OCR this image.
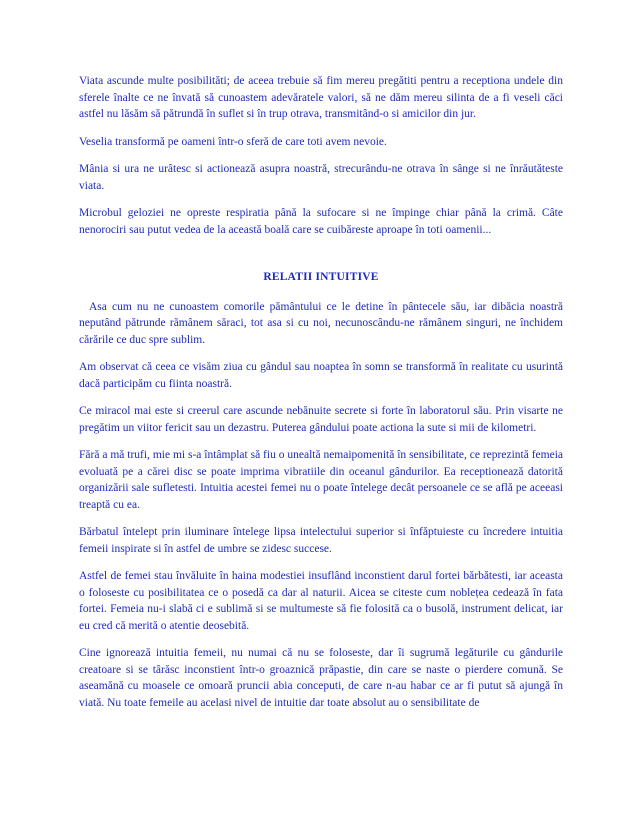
Viata ascunde multe posibilităti; de aceea trebuie să fim mereu pregătiti pentru a receptiona undele din sferele înalte ce ne învată să cunoastem adevăratele valori, să ne dăm mereu silinta de a fi veseli căci astfel nu lăsăm să pătrundă în suflet si în trup otrava, transmitând-o si amicilor din jur.

Veselia transformă pe oameni într-o sferă de care toti avem nevoie.

Mânia si ura ne urâtesc si actionează asupra noastră, strecurându-ne otrava în sânge si ne înrăutăteste viata.

Microbul geloziei ne opreste respiratia până la sufocare si ne împinge chiar până la crimă. Câte nenorociri sau putut vedea de la această boală care se cuibăreste aproape în toti oamenii...

RELATII INTUITIVE

Asa cum nu ne cunoastem comorile pământului ce le detine în pântecele său, iar dibăcia noastră neputând pătrunde rămânem săraci, tot asa si cu noi, necunoscându-ne rămânem singuri, ne închidem cărările ce duc spre sublim.

Am observat că ceea ce visăm ziua cu gândul sau noaptea în somn se transformă în realitate cu usurintă dacă participăm cu fiinta noastră.

Ce miracol mai este si creerul care ascunde nebănuite secrete si forte în laboratorul său. Prin visarte ne pregătim un viitor fericit sau un dezastru. Puterea gândului poate actiona la sute si mii de kilometri.

Fără a mă trufi, mie mi s-a întâmplat să fiu o unealtă nemaipomenită în sensibilitate, ce reprezintă femeia evoluată pe a cărei disc se poate imprima vibratiile din oceanul gândurilor. Ea receptionează datorită organizării sale sufletesti. Intuitia acestei femei nu o poate întelege decât persoanele ce se află pe aceeasi treaptă cu ea.

Bărbatul întelept prin iluminare întelege lipsa intelectului superior si înfăptuieste cu încredere intuitia femeii inspirate si în astfel de umbre se zidesc succese.

Astfel de femei stau învăluite în haina modestiei insuflând inconstient darul fortei bărbătesti, iar aceasta o foloseste cu posibilitatea ce o posedă ca dar al naturii. Aicea se citeste cum noblețea cedează în fata fortei. Femeia nu-i slabă ci e sublimă si se multumeste să fie folosită ca o busolă, instrument delicat, iar eu cred că merită o atentie deosebită.

Cine ignorează intuitia femeii, nu numai că nu se foloseste, dar îi sugrumă legăturile cu gândurile creatoare si se târăsc inconstient într-o groaznică prăpastie, din care se naste o pierdere comună. Se aseamănă cu moasele ce omoară pruncii abia conceputi, de care n-au habar ce ar fi putut să ajungă în viată. Nu toate femeile au acelasi nivel de intuitie dar toate absolut au o sensibilitate de
